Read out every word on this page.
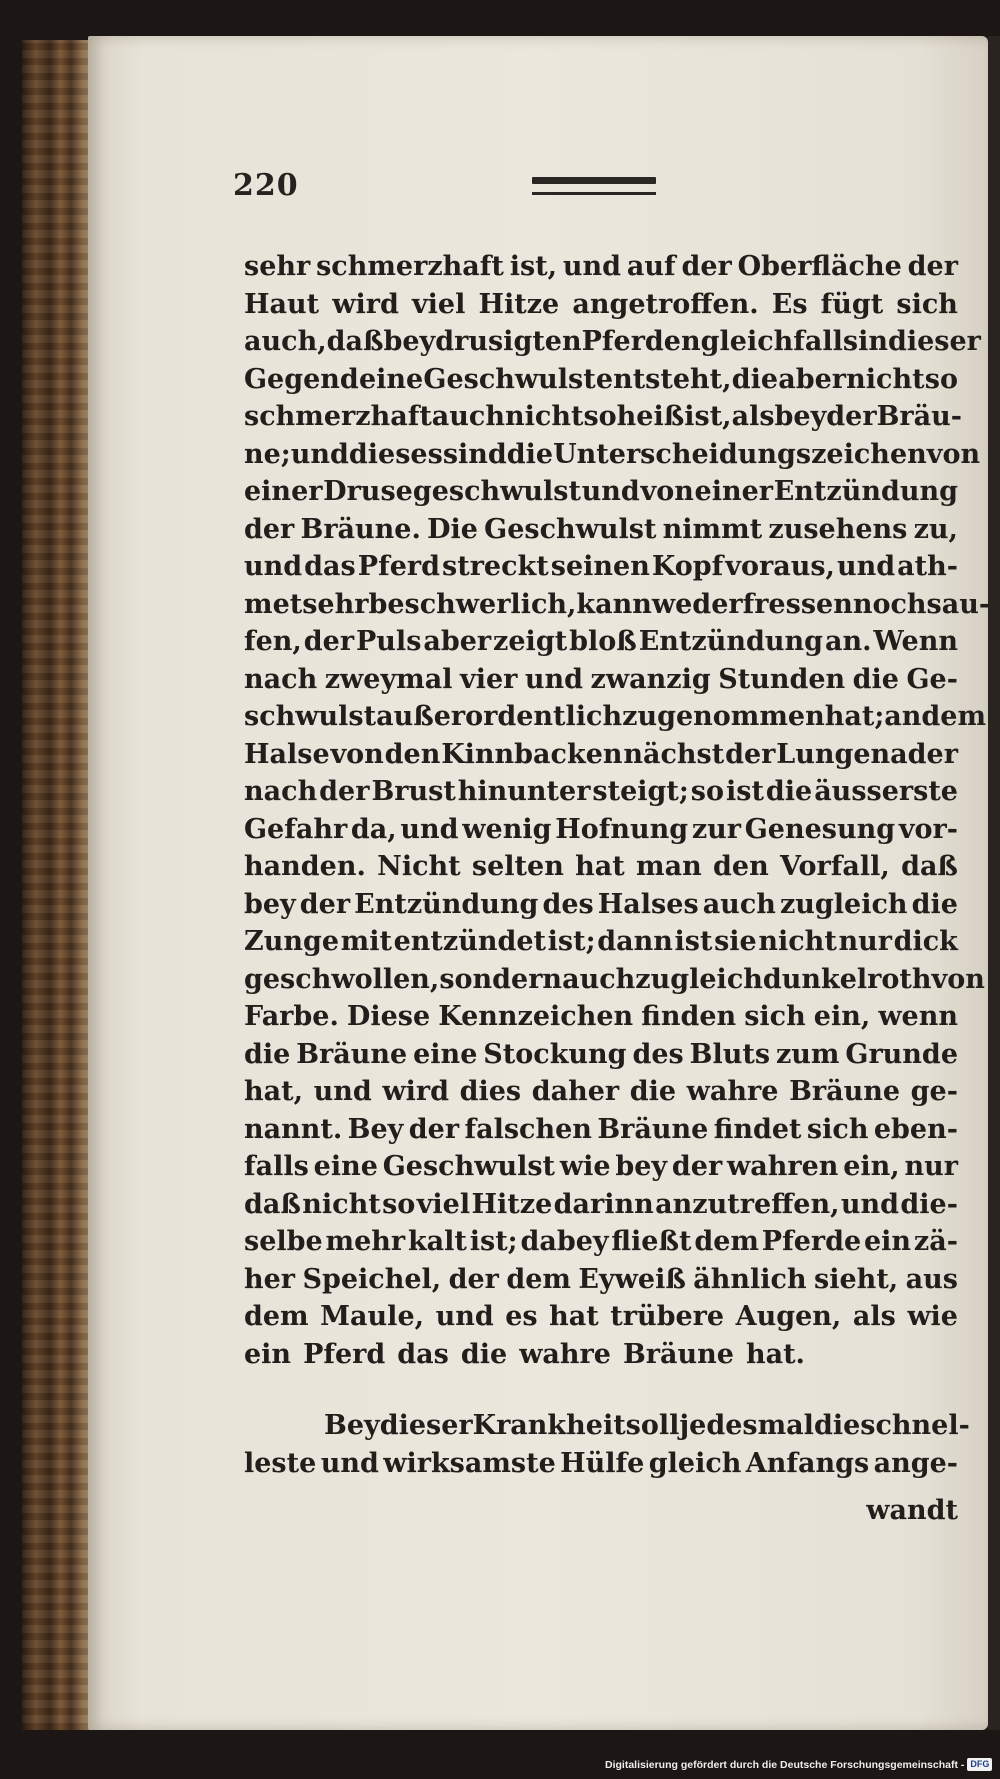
220
sehr schmerzhaft ist, und auf der Oberfläche der
Haut wird viel Hitze angetroffen. Es fügt sich
auch, daß bey drusigten Pferden gleichfalls in dieser
Gegend eine Geschwulst entsteht, die aber nicht so
schmerzhaft auch nicht so heiß ist, als bey der Bräu-
ne; und dieses sind die Unterscheidungszeichen von
einer Drusegeschwulst und von einer Entzündung
der Bräune. Die Geschwulst nimmt zusehens zu,
und das Pferd streckt seinen Kopf voraus, und ath-
met sehr beschwerlich, kann weder fressen noch sau-
fen, der Puls aber zeigt bloß Entzündung an. Wenn
nach zweymal vier und zwanzig Stunden die Ge-
schwulst außerordentlich zugenommen hat; an dem
Halse von den Kinnbacken nächst der Lungenader
nach der Brust hinunter steigt; so ist die äusserste
Gefahr da, und wenig Hofnung zur Genesung vor-
handen. Nicht selten hat man den Vorfall, daß
bey der Entzündung des Halses auch zugleich die
Zunge mit entzündet ist; dann ist sie nicht nur dick
geschwollen, sondern auch zugleich dunkelroth von
Farbe. Diese Kennzeichen finden sich ein, wenn
die Bräune eine Stockung des Bluts zum Grunde
hat, und wird dies daher die wahre Bräune ge-
nannt. Bey der falschen Bräune findet sich eben-
falls eine Geschwulst wie bey der wahren ein, nur
daß nicht so viel Hitze darinn anzutreffen, und die-
selbe mehr kalt ist; dabey fließt dem Pferde ein zä-
her Speichel, der dem Eyweiß ähnlich sieht, aus
dem Maule, und es hat trübere Augen, als wie
ein Pferd das die wahre Bräune hat.
Bey dieser Krankheit soll jedesmal die schnel-
leste und wirksamste Hülfe gleich Anfangs ange-
wandt
Digitalisierung gefördert durch die Deutsche Forschungsgemeinschaft - DFG
